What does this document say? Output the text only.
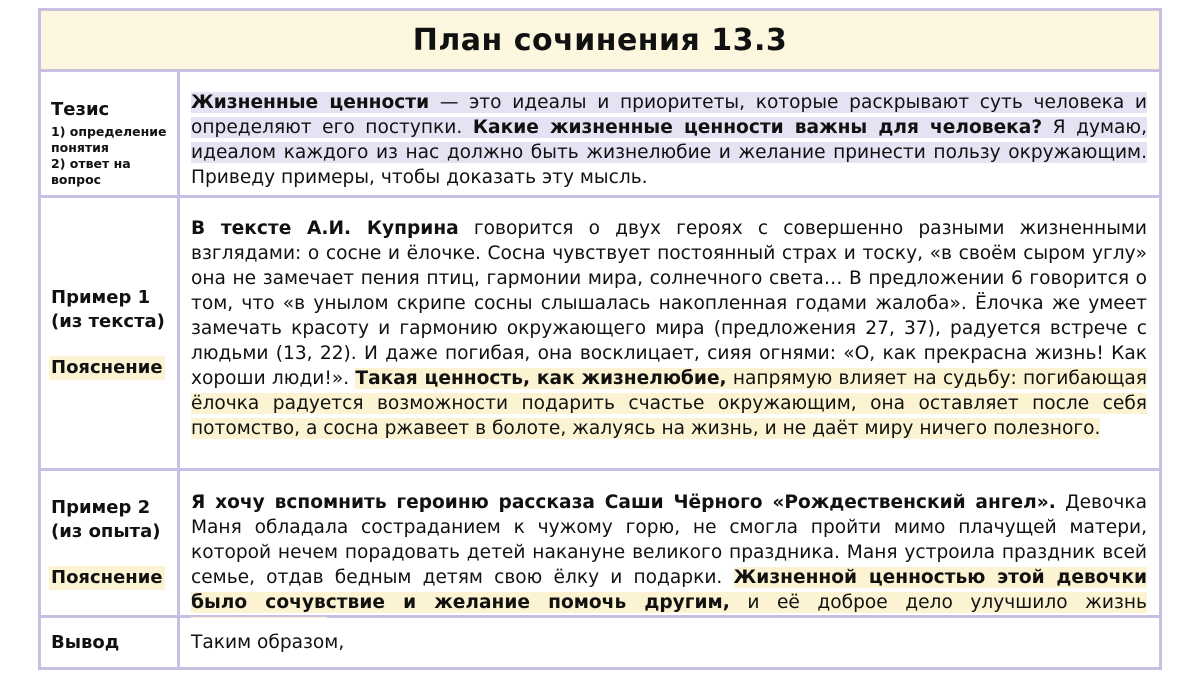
План сочинения 13.3
Тезис
1) определение понятия
2) ответ на вопрос

Жизненные ценности — это идеалы и приоритеты, которые раскрывают суть человека и определяют его поступки. Какие жизненные ценности важны для человека? Я думаю, идеалом каждого из нас должно быть жизнелюбие и желание принести пользу окружающим. Приведу примеры, чтобы доказать эту мысль.

Пример 1
(из текста)
Пояснение

В тексте А.И. Куприна говорится о двух героях с совершенно разными жизненными взглядами: о сосне и ёлочке. Сосна чувствует постоянный страх и тоску, «в своём сыром углу» она не замечает пения птиц, гармонии мира, солнечного света… В предложении 6 говорится о том, что «в унылом скрипе сосны слышалась накопленная годами жалоба». Ёлочка же умеет замечать красоту и гармонию окружающего мира (предложения 27, 37), радуется встрече с людьми (13, 22). И даже погибая, она восклицает, сияя огнями: «О, как прекрасна жизнь! Как хороши люди!». Такая ценность, как жизнелюбие, напрямую влияет на судьбу: погибающая ёлочка радуется возможности подарить счастье окружающим, она оставляет после себя потомство, а сосна ржавеет в болоте, жалуясь на жизнь, и не даёт миру ничего полезного.

Пример 2
(из опыта)
Пояснение

Я хочу вспомнить героиню рассказа Саши Чёрного «Рождественский ангел». Девочка Маня обладала состраданием к чужому горю, не смогла пройти мимо плачущей матери, которой нечем порадовать детей накануне великого праздника. Маня устроила праздник всей семье, отдав бедным детям свою ёлку и подарки. Жизненной ценностью этой девочки было сочувствие и желание помочь другим, и её доброе дело улучшило жизнь

Вывод	Таким образом,
